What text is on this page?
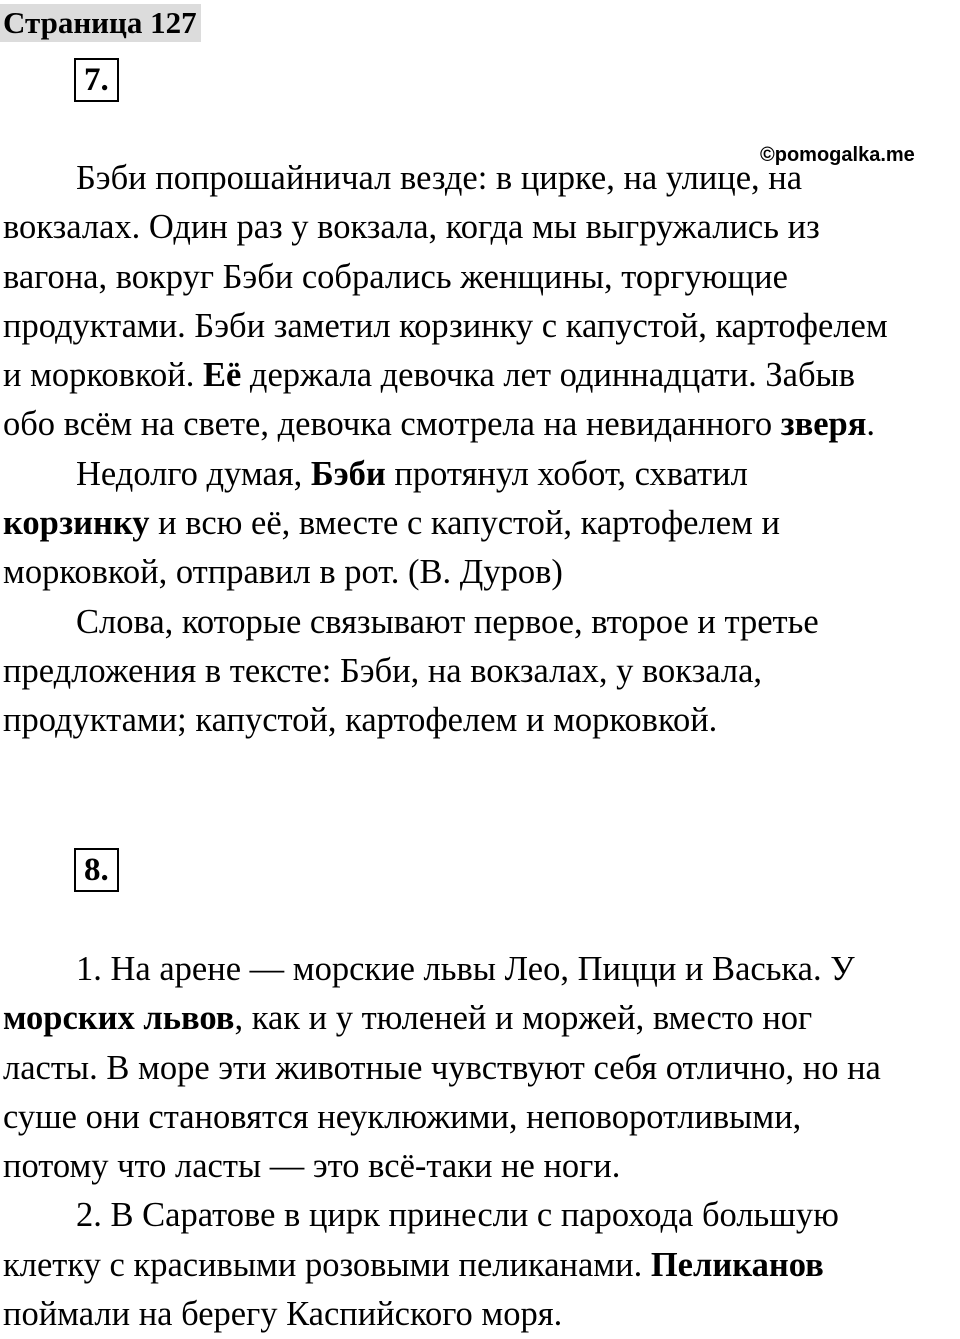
Страница 127
7.
©pomogalka.me

Бэби попрошайничал везде: в цирке, на улице, на

вокзалах. Один раз у вокзала, когда мы выгружались из

вагона, вокруг Бэби собрались женщины, торгующие

продуктами. Бэби заметил корзинку с капустой, картофелем

и морковкой. Её держала девочка лет одиннадцати. Забыв

обо всём на свете, девочка смотрела на невиданного зверя.

Недолго думая, Бэби протянул хобот, схватил

корзинку и всю её, вместе с капустой, картофелем и

морковкой, отправил в рот. (В. Дуров)

Слова, которые связывают первое, второе и третье

предложения в тексте: Бэби, на вокзалах, у вокзала,

продуктами; капустой, картофелем и морковкой.

8.

1. На арене — морские львы Лео, Пицци и Васька. У

морских львов, как и у тюленей и моржей, вместо ног

ласты. В море эти животные чувствуют себя отлично, но на

суше они становятся неуклюжими, неповоротливыми,

потому что ласты — это всё-таки не ноги.

2. В Саратове в цирк принесли с парохода большую

клетку с красивыми розовыми пеликанами. Пеликанов

поймали на берегу Каспийского моря.
